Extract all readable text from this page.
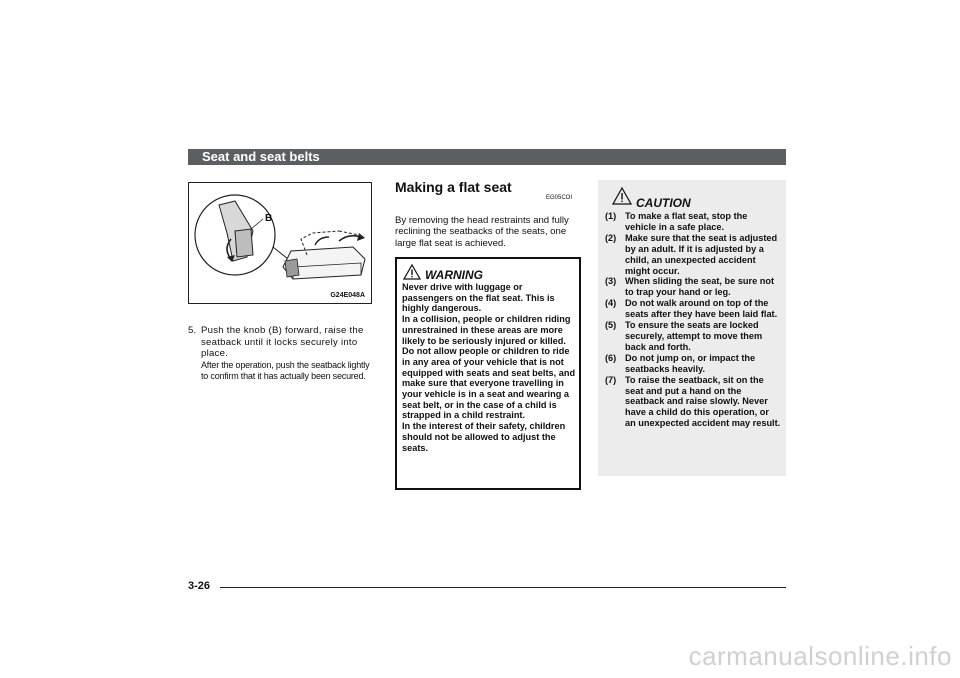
Seat and seat belts
B
G24E048A
5. Push the knob (B) forward, raise the seatback until it locks securely into place.
After the operation, push the seatback lightly to confirm that it has actually been secured.
Making a flat seat
EG05COI
By removing the head restraints and fully reclining the seatbacks of the seats, one large flat seat is achieved.
WARNING
Never drive with luggage or passengers on the flat seat. This is highly dangerous.
In a collision, people or children riding unrestrained in these areas are more likely to be seriously injured or killed.
Do not allow people or children to ride in any area of your vehicle that is not equipped with seats and seat belts, and make sure that everyone travelling in your vehicle is in a seat and wearing a seat belt, or in the case of a child is strapped in a child restraint.
In the interest of their safety, children should not be allowed to adjust the seats.
CAUTION
(1) To make a flat seat, stop the vehicle in a safe place.
(2) Make sure that the seat is adjusted by an adult. If it is adjusted by a child, an unexpected accident might occur.
(3) When sliding the seat, be sure not to trap your hand or leg.
(4) Do not walk around on top of the seats after they have been laid flat.
(5) To ensure the seats are locked securely, attempt to move them back and forth.
(6) Do not jump on, or impact the seatbacks heavily.
(7) To raise the seatback, sit on the seat and put a hand on the seatback and raise slowly. Never have a child do this operation, or an unexpected accident may result.
3-26
carmanualsonline.info
